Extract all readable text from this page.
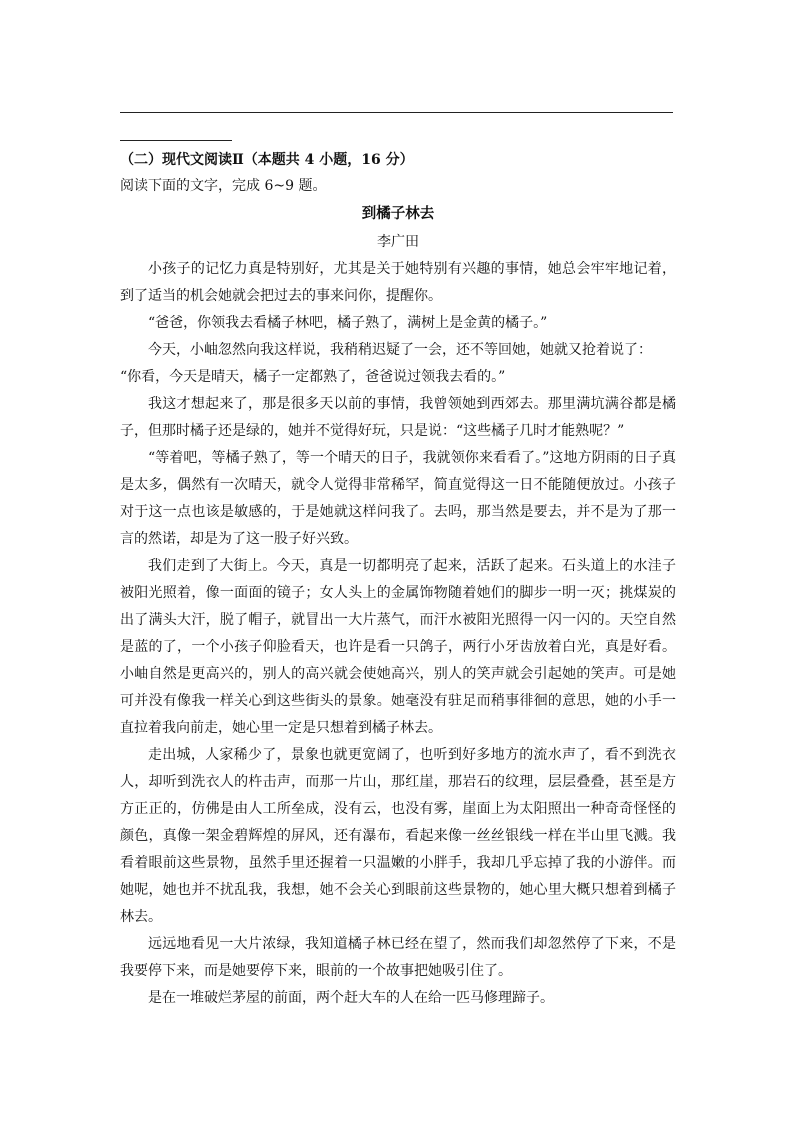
（二）现代文阅读Ⅱ（本题共 4 小题，16 分）

阅读下面的文字，完成 6~9 题。

到橘子林去

李广田

小孩子的记忆力真是特别好，尤其是关于她特别有兴趣的事情，她总会牢牢地记着，到了适当的机会她就会把过去的事来问你，提醒你。

“爸爸，你领我去看橘子林吧，橘子熟了，满树上是金黄的橘子。”

今天，小岫忽然向我这样说，我稍稍迟疑了一会，还不等回她，她就又抢着说了：

“你看，今天是晴天，橘子一定都熟了，爸爸说过领我去看的。”

我这才想起来了，那是很多天以前的事情，我曾领她到西郊去。那里满坑满谷都是橘子，但那时橘子还是绿的，她并不觉得好玩，只是说：“这些橘子几时才能熟呢？”

“等着吧，等橘子熟了，等一个晴天的日子，我就领你来看看了。”这地方阴雨的日子真是太多，偶然有一次晴天，就令人觉得非常稀罕，简直觉得这一日不能随便放过。小孩子对于这一点也该是敏感的，于是她就这样问我了。去吗，那当然是要去，并不是为了那一言的然诺，却是为了这一股子好兴致。

我们走到了大街上。今天，真是一切都明亮了起来，活跃了起来。石头道上的水洼子被阳光照着，像一面面的镜子；女人头上的金属饰物随着她们的脚步一明一灭；挑煤炭的出了满头大汗，脱了帽子，就冒出一大片蒸气，而汗水被阳光照得一闪一闪的。天空自然是蓝的了，一个小孩子仰脸看天，也许是看一只鸽子，两行小牙齿放着白光，真是好看。小岫自然是更高兴的，别人的高兴就会使她高兴，别人的笑声就会引起她的笑声。可是她可并没有像我一样关心到这些街头的景象。她毫没有驻足而稍事徘徊的意思，她的小手一直拉着我向前走，她心里一定是只想着到橘子林去。

走出城，人家稀少了，景象也就更宽阔了，也听到好多地方的流水声了，看不到洗衣人，却听到洗衣人的杵击声，而那一片山，那红崖，那岩石的纹理，层层叠叠，甚至是方方正正的，仿佛是由人工所垒成，没有云，也没有雾，崖面上为太阳照出一种奇奇怪怪的颜色，真像一架金碧辉煌的屏风，还有瀑布，看起来像一丝丝银线一样在半山里飞溅。我看着眼前这些景物，虽然手里还握着一只温嫩的小胖手，我却几乎忘掉了我的小游伴。而她呢，她也并不扰乱我，我想，她不会关心到眼前这些景物的，她心里大概只想着到橘子林去。

远远地看见一大片浓绿，我知道橘子林已经在望了，然而我们却忽然停了下来，不是我要停下来，而是她要停下来，眼前的一个故事把她吸引住了。

是在一堆破烂茅屋的前面，两个赶大车的人在给一匹马修理蹄子。
